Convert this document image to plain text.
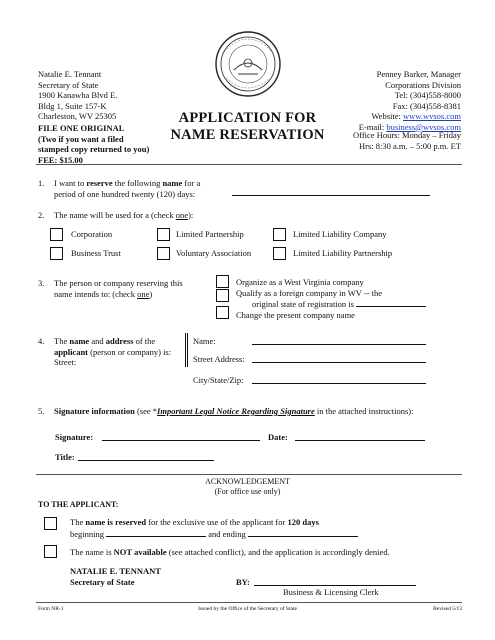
Natalie E. Tennant
Secretary of State
1900 Kanawha Blvd E.
Bldg 1, Suite 157-K
Charleston, WV 25305
FILE ONE ORIGINAL
(Two if you want a filed
stamped copy returned to you)
FEE: $15.00
APPLICATION FOR
NAME RESERVATION
Penney Barker, Manager
Corporations Division
Tel: (304)558-8000
Fax: (304)558-8381
Website: www.wvsos.com
E-mail: business@wvsos.com
Office Hours: Monday – Friday
Hrs: 8:30 a.m. – 5:00 p.m. ET
1. I want to reserve the following name for a
period of one hundred twenty (120) days:
2. The name will be used for a (check one):
Corporation	Limited Partnership	Limited Liability Company
Business Trust	Voluntary Association	Limited Liability Partnership
3. The person or company reserving this
name intends to: (check one)
Organize as a West Virginia company
Qualify as a foreign company in WV -- the
original state of registration is
Change the present company name
4. The name and address of the
applicant (person or company) is:
Street:
Name:
Street Address:
City/State/Zip:
5. Signature information (see *Important Legal Notice Regarding Signature in the attached instructions):
Signature:	Date:
Title:
ACKNOWLEDGEMENT
(For office use only)
TO THE APPLICANT:
The name is reserved for the exclusive use of the applicant for 120 days
beginning	and ending
The name is NOT available (see attached conflict), and the application is accordingly denied.
NATALIE E. TENNANT
Secretary of State	BY:
Business & Licensing Clerk
Form NR-1	Issued by the Office of the Secretary of State	Revised 5/13
